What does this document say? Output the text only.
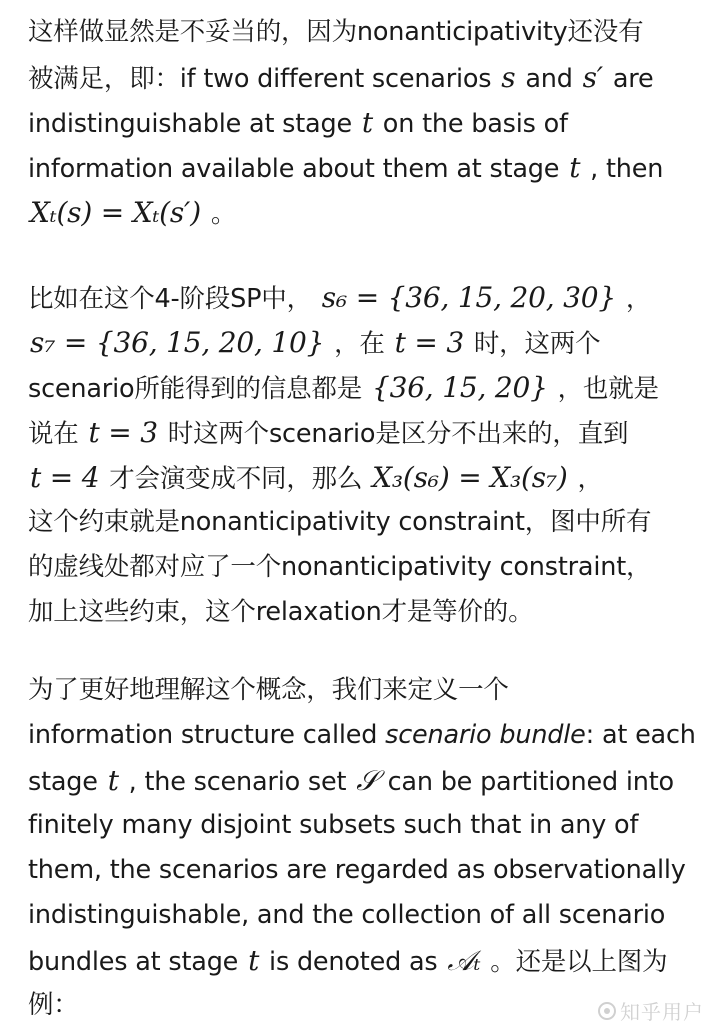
这样做显然是不妥当的，因为nonanticipativity还没有
被满足，即：if two different scenarios s and s′ are
indistinguishable at stage t on the basis of
information available about them at stage t , then
Xₜ(s) = Xₜ(s′) 。
比如在这个4-阶段SP中， s₆ = {36, 15, 20, 30} ，
s₇ = {36, 15, 20, 10} ，在 t = 3 时，这两个
scenario所能得到的信息都是 {36, 15, 20} ，也就是
说在 t = 3 时这两个scenario是区分不出来的，直到
t = 4 才会演变成不同，那么 X₃(s₆) = X₃(s₇) ，
这个约束就是nonanticipativity constraint，图中所有
的虚线处都对应了一个nonanticipativity constraint，
加上这些约束，这个relaxation才是等价的。
为了更好地理解这个概念，我们来定义一个
information structure called scenario bundle: at each
stage t , the scenario set 𝒮 can be partitioned into
finitely many disjoint subsets such that in any of
them, the scenarios are regarded as observationally
indistinguishable, and the collection of all scenario
bundles at stage t is denoted as 𝒜ₜ 。还是以上图为
例：	知乎用户
